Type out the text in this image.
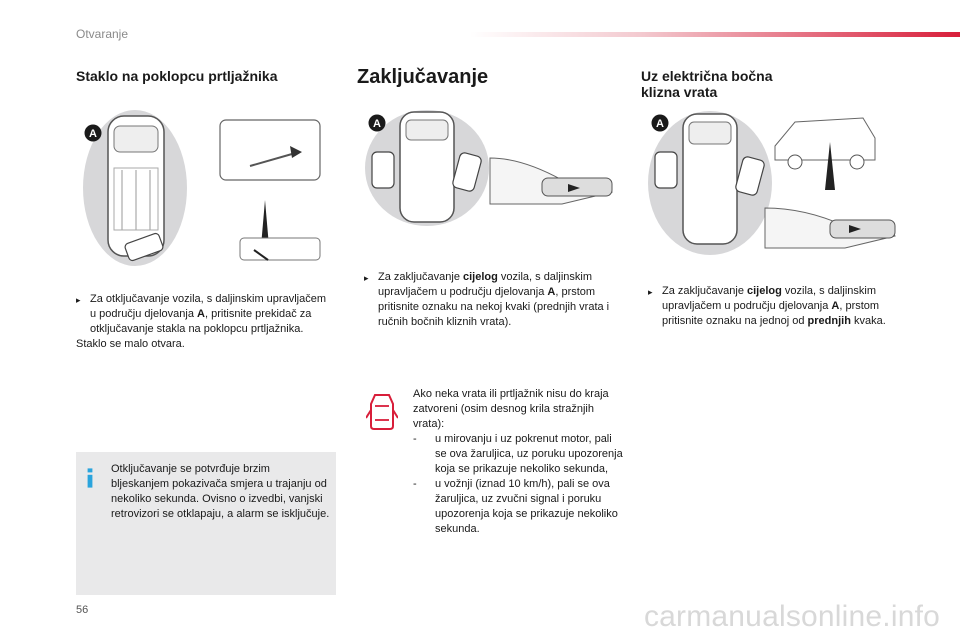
Otvaranje
Staklo na poklopcu prtljažnika
A
▸ Za otključavanje vozila, s daljinskim upravljačem u području djelovanja A, pritisnite prekidač za otključavanje stakla na poklopcu prtljažnika.
Staklo se malo otvara.
Otključavanje se potvrđuje brzim bljeskanjem pokazivača smjera u trajanju od nekoliko sekunda. Ovisno o izvedbi, vanjski retrovizori se otklapaju, a alarm se isključuje.
Zaključavanje
A
▸ Za zaključavanje cijelog vozila, s daljinskim upravljačem u području djelovanja A, prstom pritisnite oznaku na nekoj kvaki (prednjih vrata i ručnih bočnih kliznih vrata).
Ako neka vrata ili prtljažnik nisu do kraja zatvoreni (osim desnog krila stražnjih vrata):
-	u mirovanju i uz pokrenut motor, pali se ova žaruljica, uz poruku upozorenja koja se prikazuje nekoliko sekunda,
-	u vožnji (iznad 10 km/h), pali se ova žaruljica, uz zvučni signal i poruku upozorenja koja se prikazuje nekoliko sekunda.
Uz električna bočna
klizna vrata
A
▸ Za zaključavanje cijelog vozila, s daljinskim upravljačem u području djelovanja A, prstom pritisnite oznaku na jednoj od prednjih kvaka.
56	carmanualsonline.info
